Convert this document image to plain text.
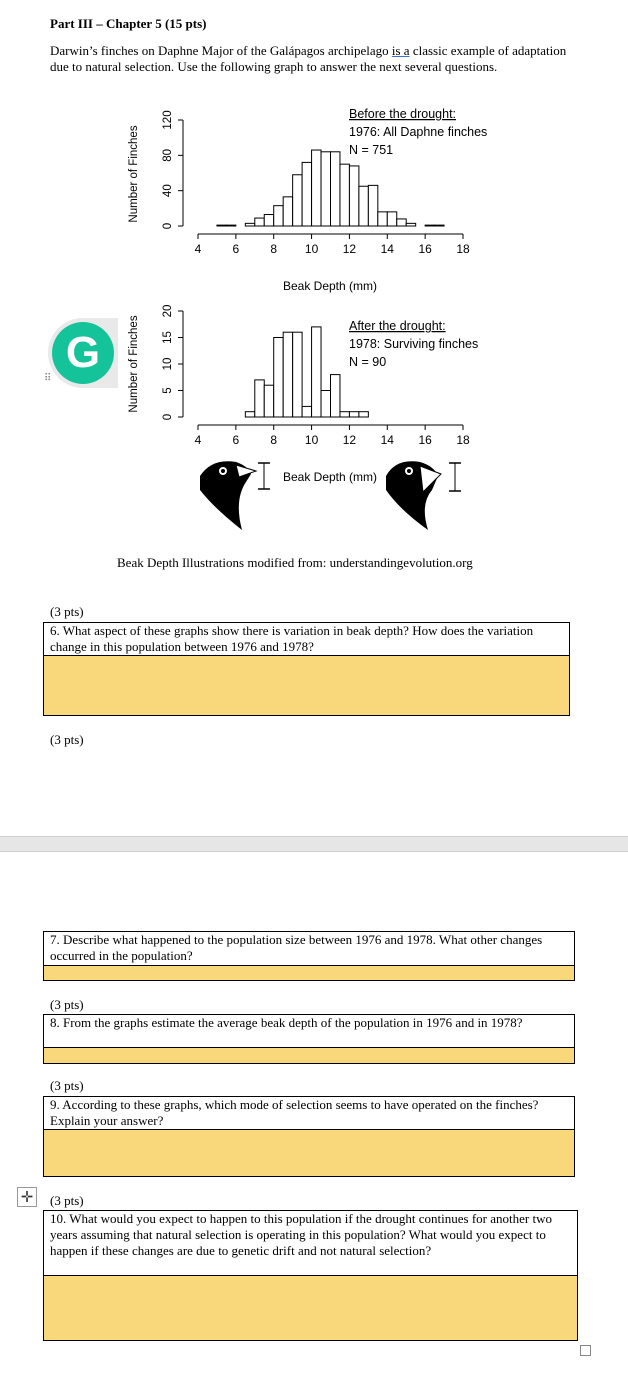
Part III – Chapter 5 (15 pts)
Darwin’s finches on Daphne Major of the Galápagos archipelago is a classic example of adaptation due to natural selection. Use the following graph to answer the next several questions.
Number of Finches
0
40
80
120
4	6	8 10 12 14 16 18
Beak Depth (mm)
Before the drought:
1976: All Daphne finches
N = 751
Number of Finches
0
5
10
15
20
4	6	8 10 12 14 16 18
Beak Depth (mm)
After the drought:
1978: Surviving finches
N = 90
Beak Depth Illustrations modified from: understandingevolution.org
(3 pts)
6. What aspect of these graphs show there is variation in beak depth? How does the variation change in this population between 1976 and 1978?
(3 pts)
7. Describe what happened to the population size between 1976 and 1978. What other changes occurred in the population?
(3 pts)
8. From the graphs estimate the average beak depth of the population in 1976 and in 1978?
(3 pts)
9. According to these graphs, which mode of selection seems to have operated on the finches? Explain your answer?
(3 pts)
10. What would you expect to happen to this population if the drought continues for another two years assuming that natural selection is operating in this population? What would you expect to happen if these changes are due to genetic drift and not natural selection?
G
⠿
✛
